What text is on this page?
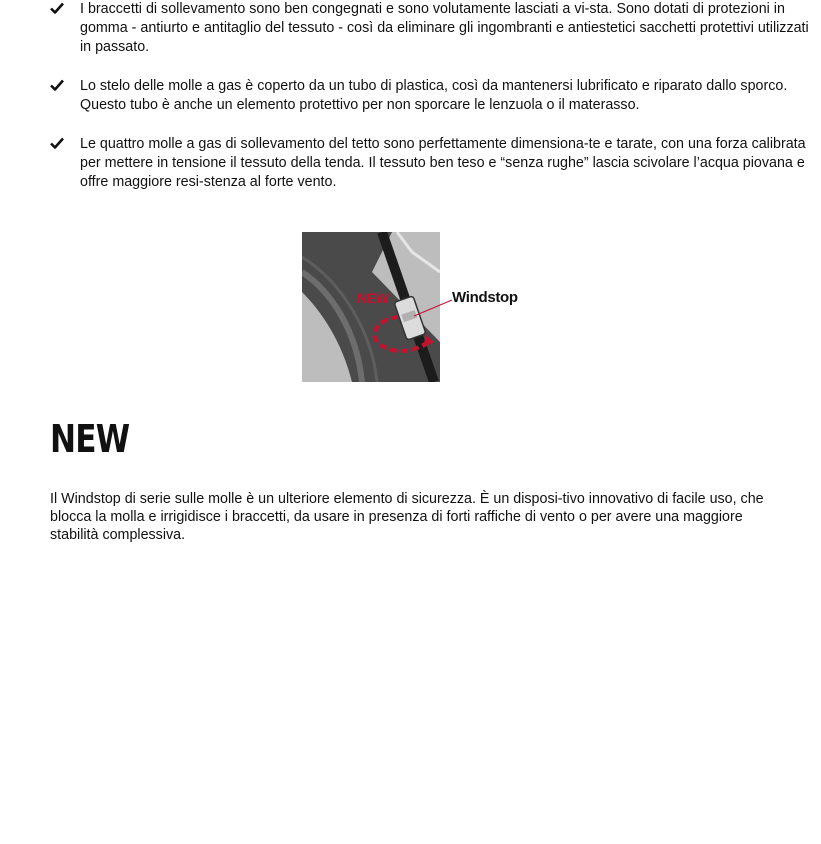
I braccetti di sollevamento sono ben congegnati e sono volutamente lasciati a vi-sta. Sono dotati di protezioni in gomma - antiurto e antitaglio del tessuto - così da eliminare gli ingombranti e antiestetici sacchetti protettivi utilizzati in passato.
Lo stelo delle molle a gas è coperto da un tubo di plastica, così da mantenersi lubrificato e riparato dallo sporco. Questo tubo è anche un elemento protettivo per non sporcare le lenzuola o il materasso.
Le quattro molle a gas di sollevamento del tetto sono perfettamente dimensiona-te e tarate, con una forza calibrata per mettere in tensione il tessuto della tenda. Il tessuto ben teso e “senza rughe” lascia scivolare l’acqua piovana e offre maggiore resi-stenza al forte vento.
NEW	Windstop
NEW

Il Windstop di serie sulle molle è un ulteriore elemento di sicurezza. È un disposi-tivo innovativo di facile uso, che blocca la molla e irrigidisce i braccetti, da usare in presenza di forti raffiche di vento o per avere una maggiore stabilità complessiva.
